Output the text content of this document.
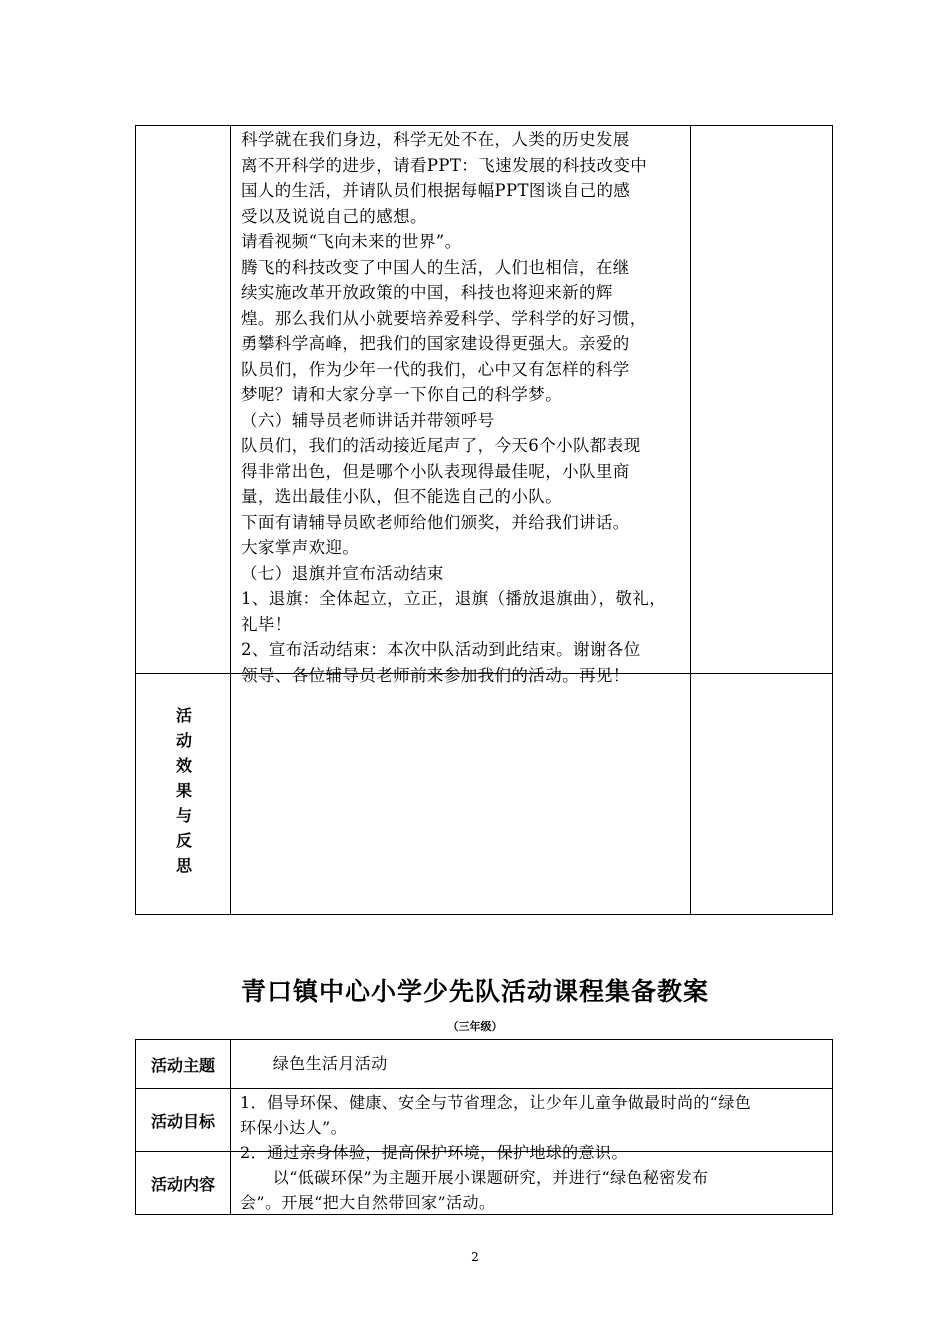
科学就在我们身边，科学无处不在，人类的历史发展

离不开科学的进步，请看PPT：飞速发展的科技改变中

国人的生活，并请队员们根据每幅PPT图谈自己的感

受以及说说自己的感想。

请看视频“飞向未来的世界”。

腾飞的科技改变了中国人的生活，人们也相信，在继

续实施改革开放政策的中国，科技也将迎来新的辉

煌。那么我们从小就要培养爱科学、学科学的好习惯，

勇攀科学高峰，把我们的国家建设得更强大。亲爱的

队员们，作为少年一代的我们，心中又有怎样的科学

梦呢？请和大家分享一下你自己的科学梦。

（六）辅导员老师讲话并带领呼号

队员们，我们的活动接近尾声了，今天6个小队都表现

得非常出色，但是哪个小队表现得最佳呢，小队里商

量，选出最佳小队，但不能选自己的小队。

下面有请辅导员欧老师给他们颁奖，并给我们讲话。

大家掌声欢迎。

（七）退旗并宣布活动结束

1、退旗：全体起立，立正，退旗（播放退旗曲），敬礼，

礼毕！

2、宣布活动结束：本次中队活动到此结束。谢谢各位

领导、各位辅导员老师前来参加我们的活动。再见！

活动效果与反思
青口镇中心小学少先队活动课程集备教案
（三年级）
活动主题	　　绿色生活月活动
活动目标

1．倡导环保、健康、安全与节省理念，让少年儿童争做最时尚的“绿色

环保小达人”。

2．通过亲身体验，提高保护环境，保护地球的意识。

活动内容	　　以“低碳环保”为主题开展小课题研究，并进行“绿色秘密发布

会”。开展“把大自然带回家”活动。

2
